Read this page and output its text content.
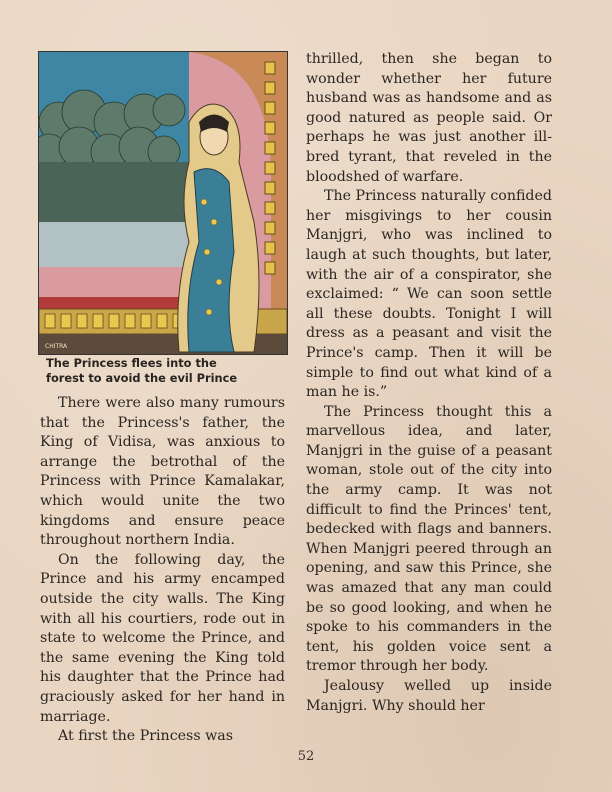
CHITRA
The Princess flees into the
forest to avoid the evil Prince

There were also many rumours that the Princess's father, the King of Vidisa, was anxious to arrange the betrothal of the Princess with Prince Kamalakar, which would unite the two kingdoms and ensure peace throughout northern India.

On the following day, the Prince and his army encamped outside the city walls. The King with all his courtiers, rode out in state to welcome the Prince, and the same evening the King told his daughter that the Prince had graciously asked for her hand in marriage.

At first the Princess was

thrilled, then she began to wonder whether her future husband was as handsome and as good natured as people said. Or perhaps he was just another ill-bred tyrant, that reveled in the bloodshed of warfare.

The Princess naturally confided her misgivings to her cousin Manjgri, who was inclined to laugh at such thoughts, but later, with the air of a conspirator, she exclaimed: “ We can soon settle all these doubts. Tonight I will dress as a peasant and visit the Prince's camp. Then it will be simple to find out what kind of a man he is.”

The Princess thought this a marvellous idea, and later, Manjgri in the guise of a peasant woman, stole out of the city into the army camp. It was not difficult to find the Princes' tent, bedecked with flags and banners. When Manjgri peered through an opening, and saw this Prince, she was amazed that any man could be so good looking, and when he spoke to his commanders in the tent, his golden voice sent a tremor through her body.

Jealousy welled up inside Manjgri. Why should her

52
